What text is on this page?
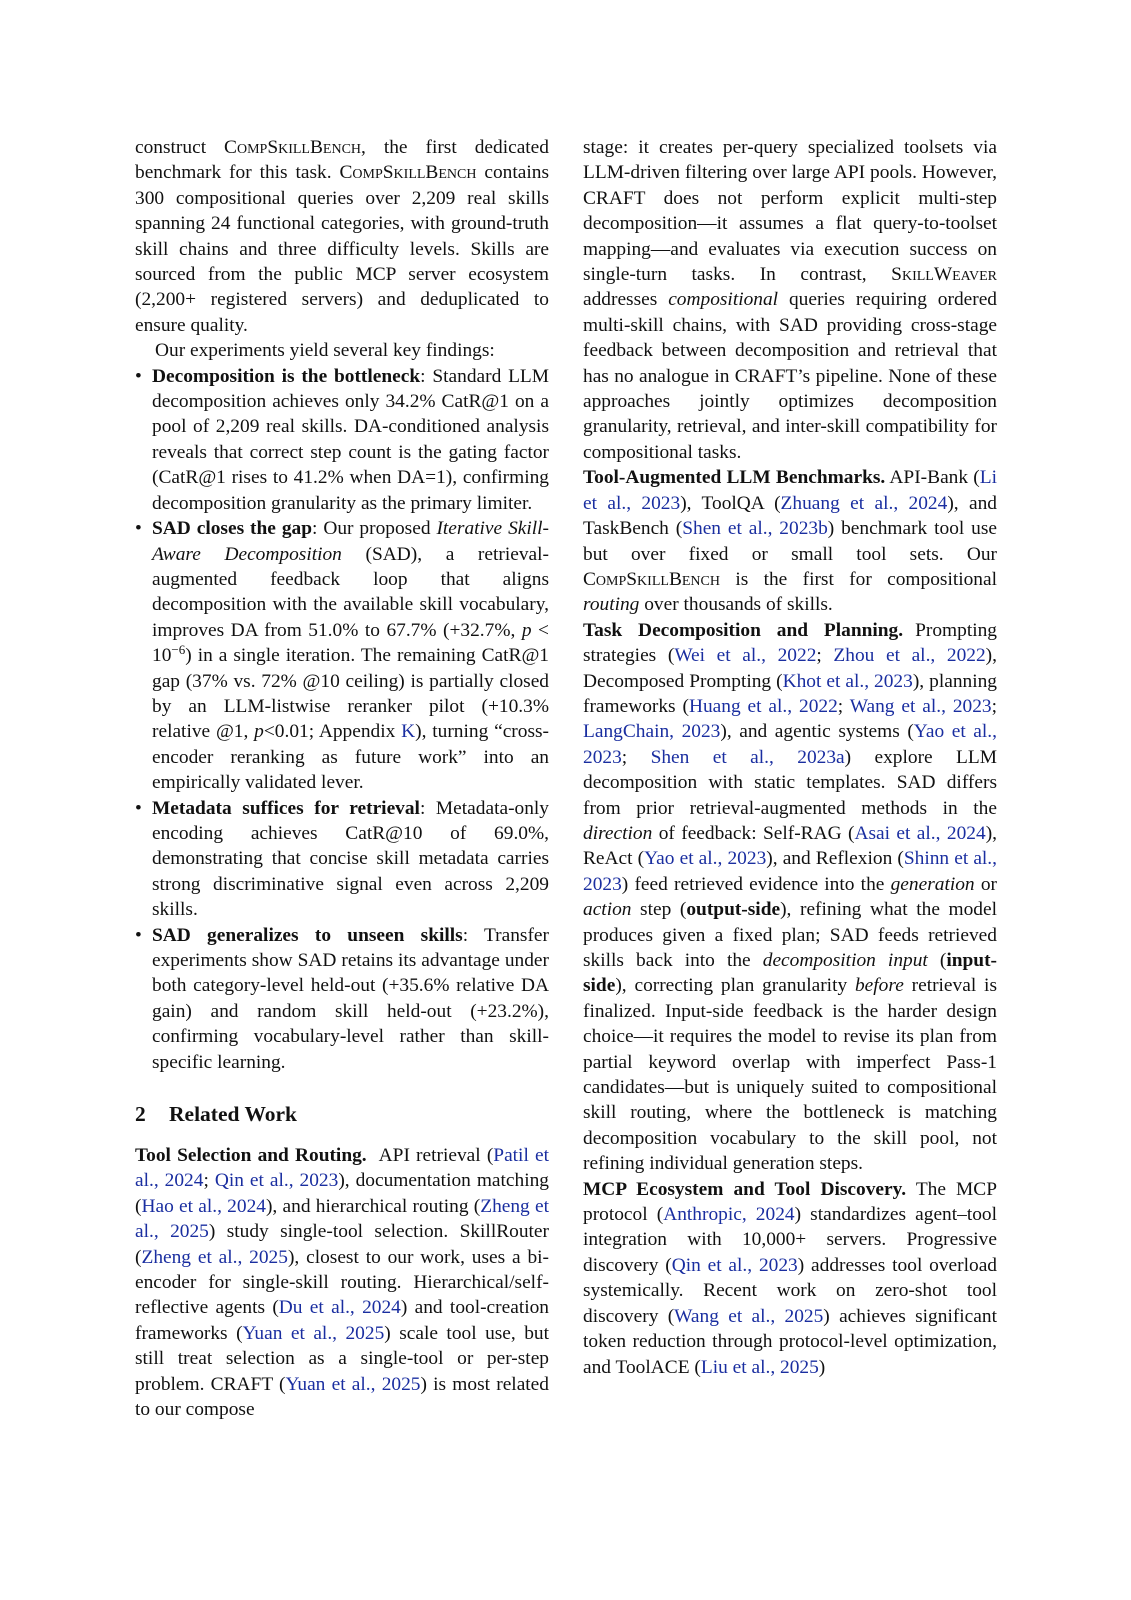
construct CompSkillBench, the first dedicated benchmark for this task. CompSkillBench contains 300 compositional queries over 2,209 real skills spanning 24 functional categories, with ground-truth skill chains and three difficulty levels. Skills are sourced from the public MCP server ecosystem (2,200+ registered servers) and deduplicated to ensure quality.

Our experiments yield several key findings:

• Decomposition is the bottleneck: Standard LLM decomposition achieves only 34.2% CatR@1 on a pool of 2,209 real skills. DA-conditioned analysis reveals that correct step count is the gating factor (CatR@1 rises to 41.2% when DA=1), confirming decomposition granularity as the primary limiter.
• SAD closes the gap: Our proposed Iterative Skill-Aware Decomposition (SAD), a retrieval-augmented feedback loop that aligns decomposition with the available skill vocabulary, improves DA from 51.0% to 67.7% (+32.7%, $p < 10^{-6}$) in a single iteration. The remaining CatR@1 gap (37% vs. 72% @10 ceiling) is partially closed by an LLM-listwise reranker pilot (+10.3% relative @1, p<0.01; Appendix K), turning “cross-encoder reranking as future work” into an empirically validated lever.
• Metadata suffices for retrieval: Metadata-only encoding achieves CatR@10 of 69.0%, demonstrating that concise skill metadata carries strong discriminative signal even across 2,209 skills.
• SAD generalizes to unseen skills: Transfer experiments show SAD retains its advantage under both category-level held-out (+35.6% relative DA gain) and random skill held-out (+23.2%), confirming vocabulary-level rather than skill-specific learning.
2 Related Work

Tool Selection and Routing. API retrieval (Patil et al., 2024; Qin et al., 2023), documentation matching (Hao et al., 2024), and hierarchical routing (Zheng et al., 2025) study single-tool selection. SkillRouter (Zheng et al., 2025), closest to our work, uses a bi-encoder for single-skill routing. Hierarchical/self-reflective agents (Du et al., 2024) and tool-creation frameworks (Yuan et al., 2025) scale tool use, but still treat selection as a single-tool or per-step problem. CRAFT (Yuan et al., 2025) is most related to our compose

stage: it creates per-query specialized toolsets via LLM-driven filtering over large API pools. However, CRAFT does not perform explicit multi-step decomposition—it assumes a flat query-to-toolset mapping—and evaluates via execution success on single-turn tasks. In contrast, SkillWeaver addresses compositional queries requiring ordered multi-skill chains, with SAD providing cross-stage feedback between decomposition and retrieval that has no analogue in CRAFT’s pipeline. None of these approaches jointly optimizes decomposition granularity, retrieval, and inter-skill compatibility for compositional tasks.

Tool-Augmented LLM Benchmarks. API-Bank (Li et al., 2023), ToolQA (Zhuang et al., 2024), and TaskBench (Shen et al., 2023b) benchmark tool use but over fixed or small tool sets. Our CompSkillBench is the first for compositional routing over thousands of skills.

Task Decomposition and Planning. Prompting strategies (Wei et al., 2022; Zhou et al., 2022), Decomposed Prompting (Khot et al., 2023), planning frameworks (Huang et al., 2022; Wang et al., 2023; LangChain, 2023), and agentic systems (Yao et al., 2023; Shen et al., 2023a) explore LLM decomposition with static templates. SAD differs from prior retrieval-augmented methods in the direction of feedback: Self-RAG (Asai et al., 2024), ReAct (Yao et al., 2023), and Reflexion (Shinn et al., 2023) feed retrieved evidence into the generation or action step (output-side), refining what the model produces given a fixed plan; SAD feeds retrieved skills back into the decomposition input (input-side), correcting plan granularity before retrieval is finalized. Input-side feedback is the harder design choice—it requires the model to revise its plan from partial keyword overlap with imperfect Pass-1 candidates—but is uniquely suited to compositional skill routing, where the bottleneck is matching decomposition vocabulary to the skill pool, not refining individual generation steps.

MCP Ecosystem and Tool Discovery. The MCP protocol (Anthropic, 2024) standardizes agent–tool integration with 10,000+ servers. Progressive discovery (Qin et al., 2023) addresses tool overload systemically. Recent work on zero-shot tool discovery (Wang et al., 2025) achieves significant token reduction through protocol-level optimization, and ToolACE (Liu et al., 2025)
